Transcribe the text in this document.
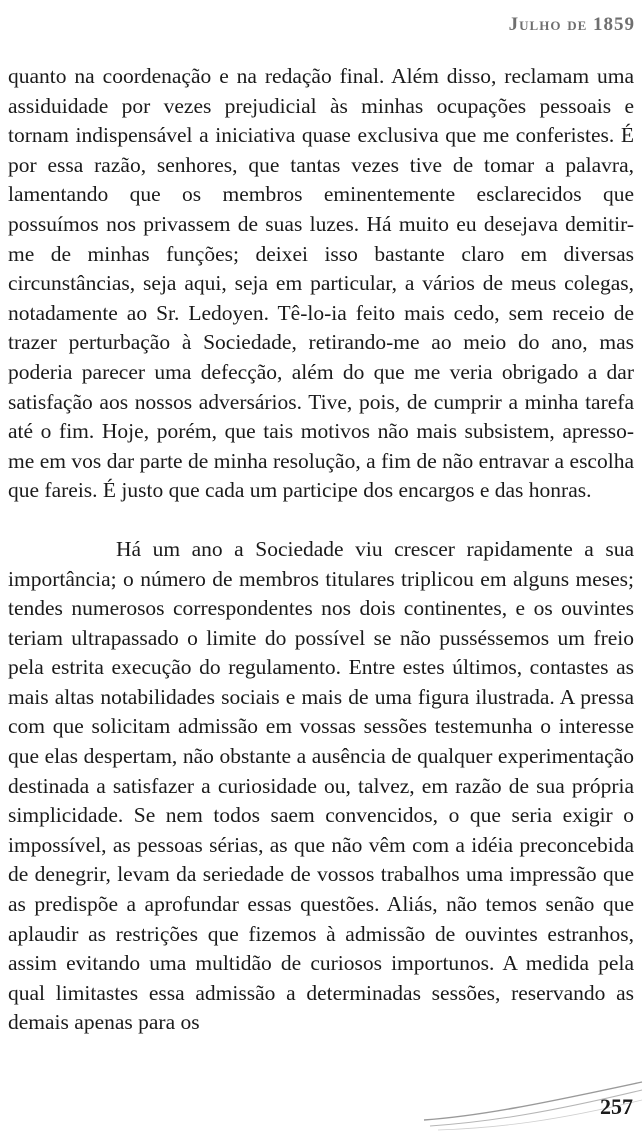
Julho de 1859

quanto na coordenação e na redação final. Além disso, reclamam uma assiduidade por vezes prejudicial às minhas ocupações pessoais e tornam indispensável a iniciativa quase exclusiva que me conferistes. É por essa razão, senhores, que tantas vezes tive de tomar a palavra, lamentando que os membros eminentemente esclarecidos que possuímos nos privassem de suas luzes. Há muito eu desejava demitir-me de minhas funções; deixei isso bastante claro em diversas circunstâncias, seja aqui, seja em particular, a vários de meus colegas, notadamente ao Sr. Ledoyen. Tê-lo-ia feito mais cedo, sem receio de trazer perturbação à Sociedade, retirando-me ao meio do ano, mas poderia parecer uma defecção, além do que me veria obrigado a dar satisfação aos nossos adversários. Tive, pois, de cumprir a minha tarefa até o fim. Hoje, porém, que tais motivos não mais subsistem, apresso-me em vos dar parte de minha resolução, a fim de não entravar a escolha que fareis. É justo que cada um participe dos encargos e das honras.

Há um ano a Sociedade viu crescer rapidamente a sua importância; o número de membros titulares triplicou em alguns meses; tendes numerosos correspondentes nos dois continentes, e os ouvintes teriam ultrapassado o limite do possível se não pusséssemos um freio pela estrita execução do regulamento. Entre estes últimos, contastes as mais altas notabilidades sociais e mais de uma figura ilustrada. A pressa com que solicitam admissão em vossas sessões testemunha o interesse que elas despertam, não obstante a ausência de qualquer experimentação destinada a satisfazer a curiosidade ou, talvez, em razão de sua própria simplicidade. Se nem todos saem convencidos, o que seria exigir o impossível, as pessoas sérias, as que não vêm com a idéia preconcebida de denegrir, levam da seriedade de vossos trabalhos uma impressão que as predispõe a aprofundar essas questões. Aliás, não temos senão que aplaudir as restrições que fizemos à admissão de ouvintes estranhos, assim evitando uma multidão de curiosos importunos. A medida pela qual limitastes essa admissão a determinadas sessões, reservando as demais apenas para os

257
